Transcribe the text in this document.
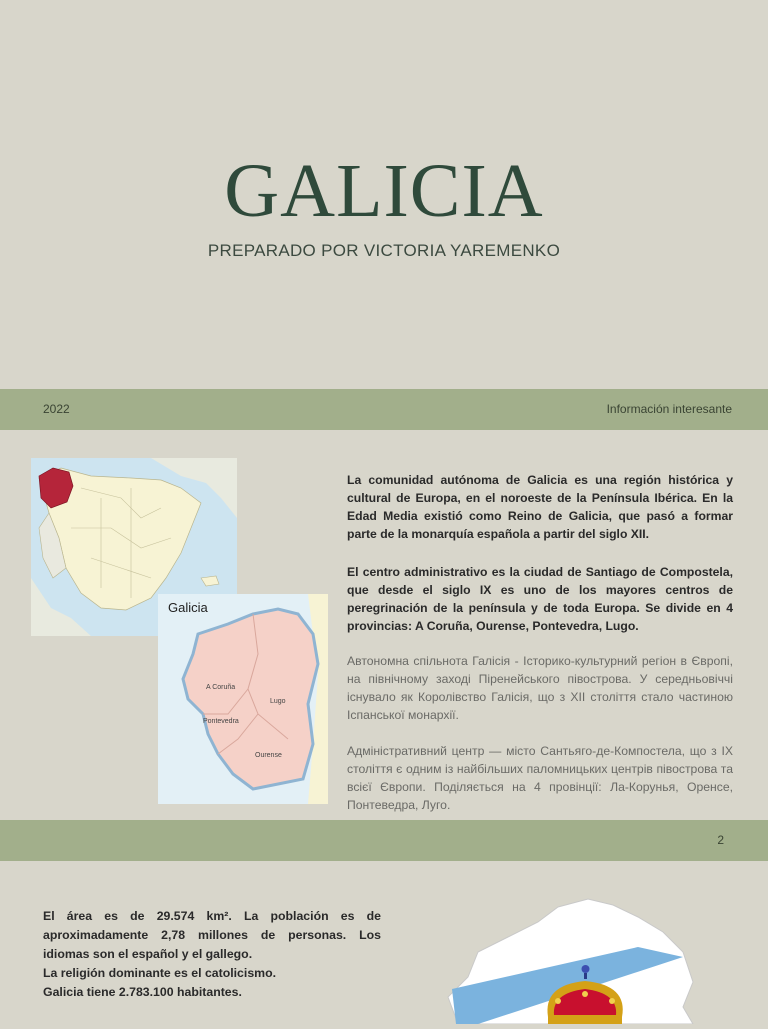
GALICIA
PREPARADO POR VICTORIA YAREMENKO
2022	Información interesante
Galicia
A Coruña
Lugo
Pontevedra
Ourense

La comunidad autónoma de Galicia es una región histórica y cultural de Europa, en el noroeste de la Península Ibérica. En la Edad Media existió como Reino de Galicia, que pasó a formar parte de la monarquía española a partir del siglo XII.

El centro administrativo es la ciudad de Santiago de Compostela, que desde el siglo IX es uno de los mayores centros de peregrinación de la península y de toda Europa. Se divide en 4 provincias: A Coruña, Ourense, Pontevedra, Lugo.

Автономна спільнота Галісія - Історико-культурний регіон в Європі, на північному заході Піренейського півострова. У середньовіччі існувало як Королівство Галісія, що з XII століття стало частиною Іспанської монархії.

Адміністративний центр — місто Сантьяго-де-Компостела, що з IX століття є одним із найбільших паломницьких центрів півострова та всієї Європи. Поділяється на 4 провінції: Ла-Корунья, Оренсе, Понтеведра, Луго.

2

El área es de 29.574 km². La población es de
aproximadamente 2,78 millones de personas. Los
idiomas son el español y el gallego.
La religión dominante es el catolicismo.
Galicia tiene 2.783.100 habitantes.
